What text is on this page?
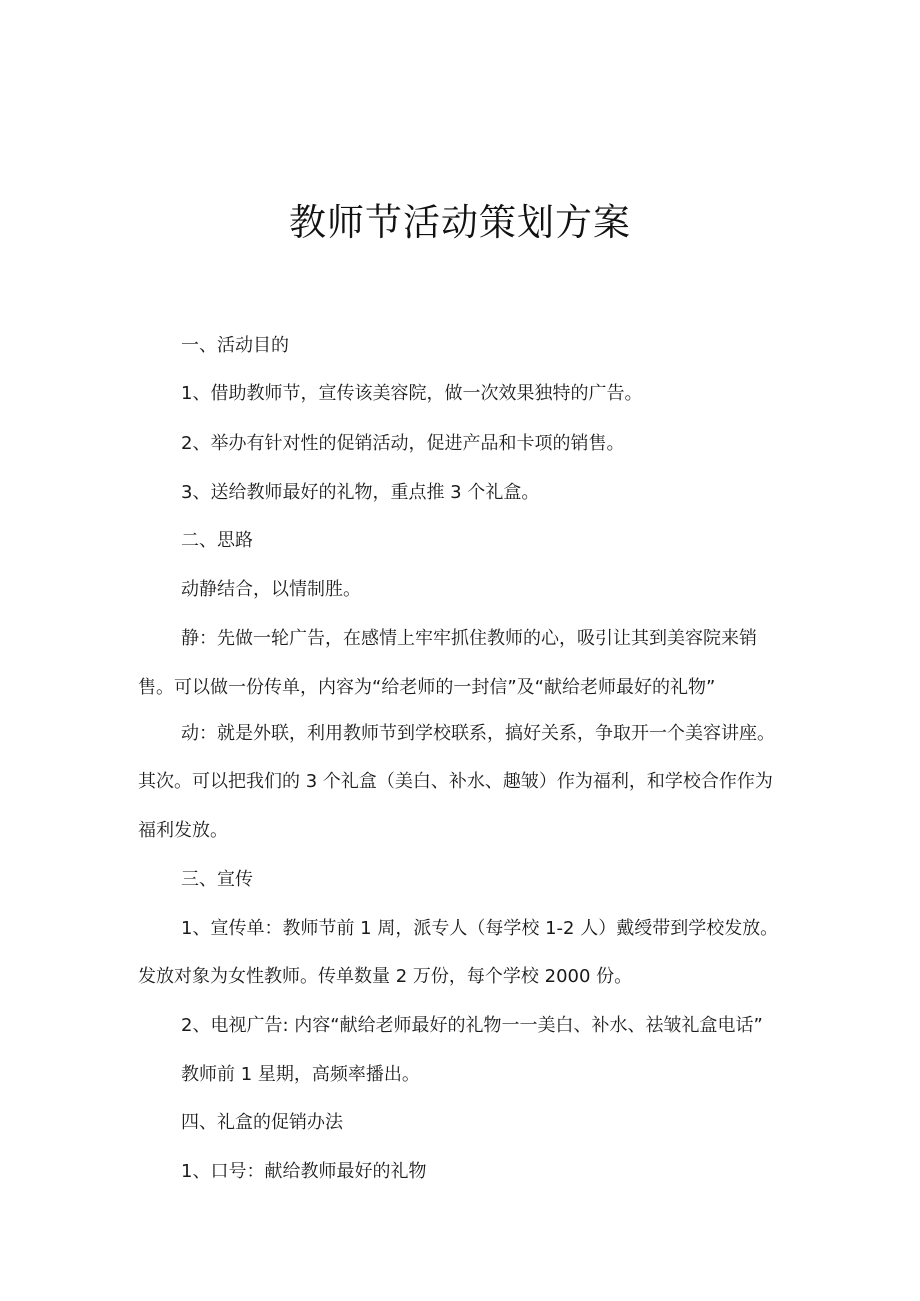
教师节活动策划方案

一、活动目的

1、借助教师节，宣传该美容院，做一次效果独特的广告。

2、举办有针对性的促销活动，促进产品和卡项的销售。

3、送给教师最好的礼物，重点推 3 个礼盒。

二、思路

动静结合，以情制胜。

静：先做一轮广告，在感情上牢牢抓住教师的心，吸引让其到美容院来销

售。可以做一份传单，内容为“给老师的一封信”及“献给老师最好的礼物”

动：就是外联，利用教师节到学校联系，搞好关系，争取开一个美容讲座。

其次。可以把我们的 3 个礼盒（美白、补水、趣皱）作为福利，和学校合作作为

福利发放。

三、宣传

1、宣传单：教师节前 1 周，派专人（每学校 1-2 人）戴绶带到学校发放。

发放对象为女性教师。传单数量 2 万份，每个学校 2000 份。

2、电视广告: 内容“献给老师最好的礼物一一美白、补水、祛皱礼盒电话”

教师前 1 星期，高频率播出。

四、礼盒的促销办法

1、口号：献给教师最好的礼物
